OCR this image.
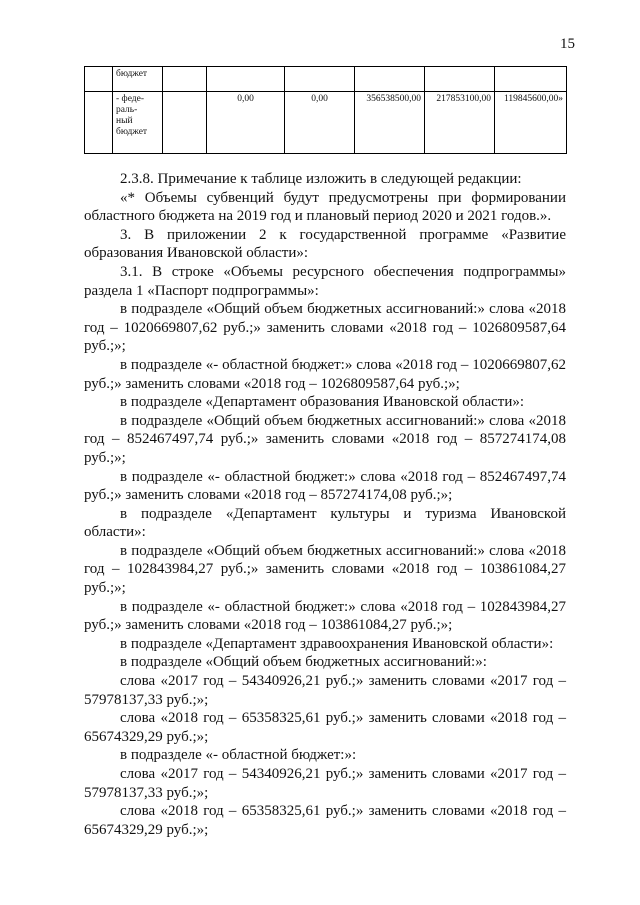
15
	бюджет						
	- феде-
раль-
ный
бюджет		0,00	0,00	356538500,00	217853100,00	119845600,00»

2.3.8. Примечание к таблице изложить в следующей редакции:

«* Объемы субвенций будут предусмотрены при формировании областного бюджета на 2019 год и плановый период 2020 и 2021 годов.».

3. В приложении 2 к государственной программе «Развитие образования Ивановской области»:

3.1. В строке «Объемы ресурсного обеспечения подпрограммы» раздела 1 «Паспорт подпрограммы»:

в подразделе «Общий объем бюджетных ассигнований:» слова «2018 год – 1020669807,62 руб.;» заменить словами «2018 год – 1026809587,64 руб.;»;

в подразделе «- областной бюджет:» слова «2018 год – 1020669807,62 руб.;» заменить словами «2018 год – 1026809587,64 руб.;»;

в подразделе «Департамент образования Ивановской области»:

в подразделе «Общий объем бюджетных ассигнований:» слова «2018 год – 852467497,74 руб.;» заменить словами «2018 год – 857274174,08 руб.;»;

в подразделе «- областной бюджет:» слова «2018 год – 852467497,74 руб.;» заменить словами «2018 год – 857274174,08 руб.;»;

в подразделе «Департамент культуры и туризма Ивановской области»:

в подразделе «Общий объем бюджетных ассигнований:» слова «2018 год – 102843984,27 руб.;» заменить словами «2018 год – 103861084,27 руб.;»;

в подразделе «- областной бюджет:» слова «2018 год – 102843984,27 руб.;» заменить словами «2018 год – 103861084,27 руб.;»;

в подразделе «Департамент здравоохранения Ивановской области»:

в подразделе «Общий объем бюджетных ассигнований:»:

слова «2017 год – 54340926,21 руб.;» заменить словами «2017 год – 57978137,33 руб.;»;

слова «2018 год – 65358325,61 руб.;» заменить словами «2018 год – 65674329,29 руб.;»;

в подразделе «- областной бюджет:»:

слова «2017 год – 54340926,21 руб.;» заменить словами «2017 год – 57978137,33 руб.;»;

слова «2018 год – 65358325,61 руб.;» заменить словами «2018 год – 65674329,29 руб.;»;
